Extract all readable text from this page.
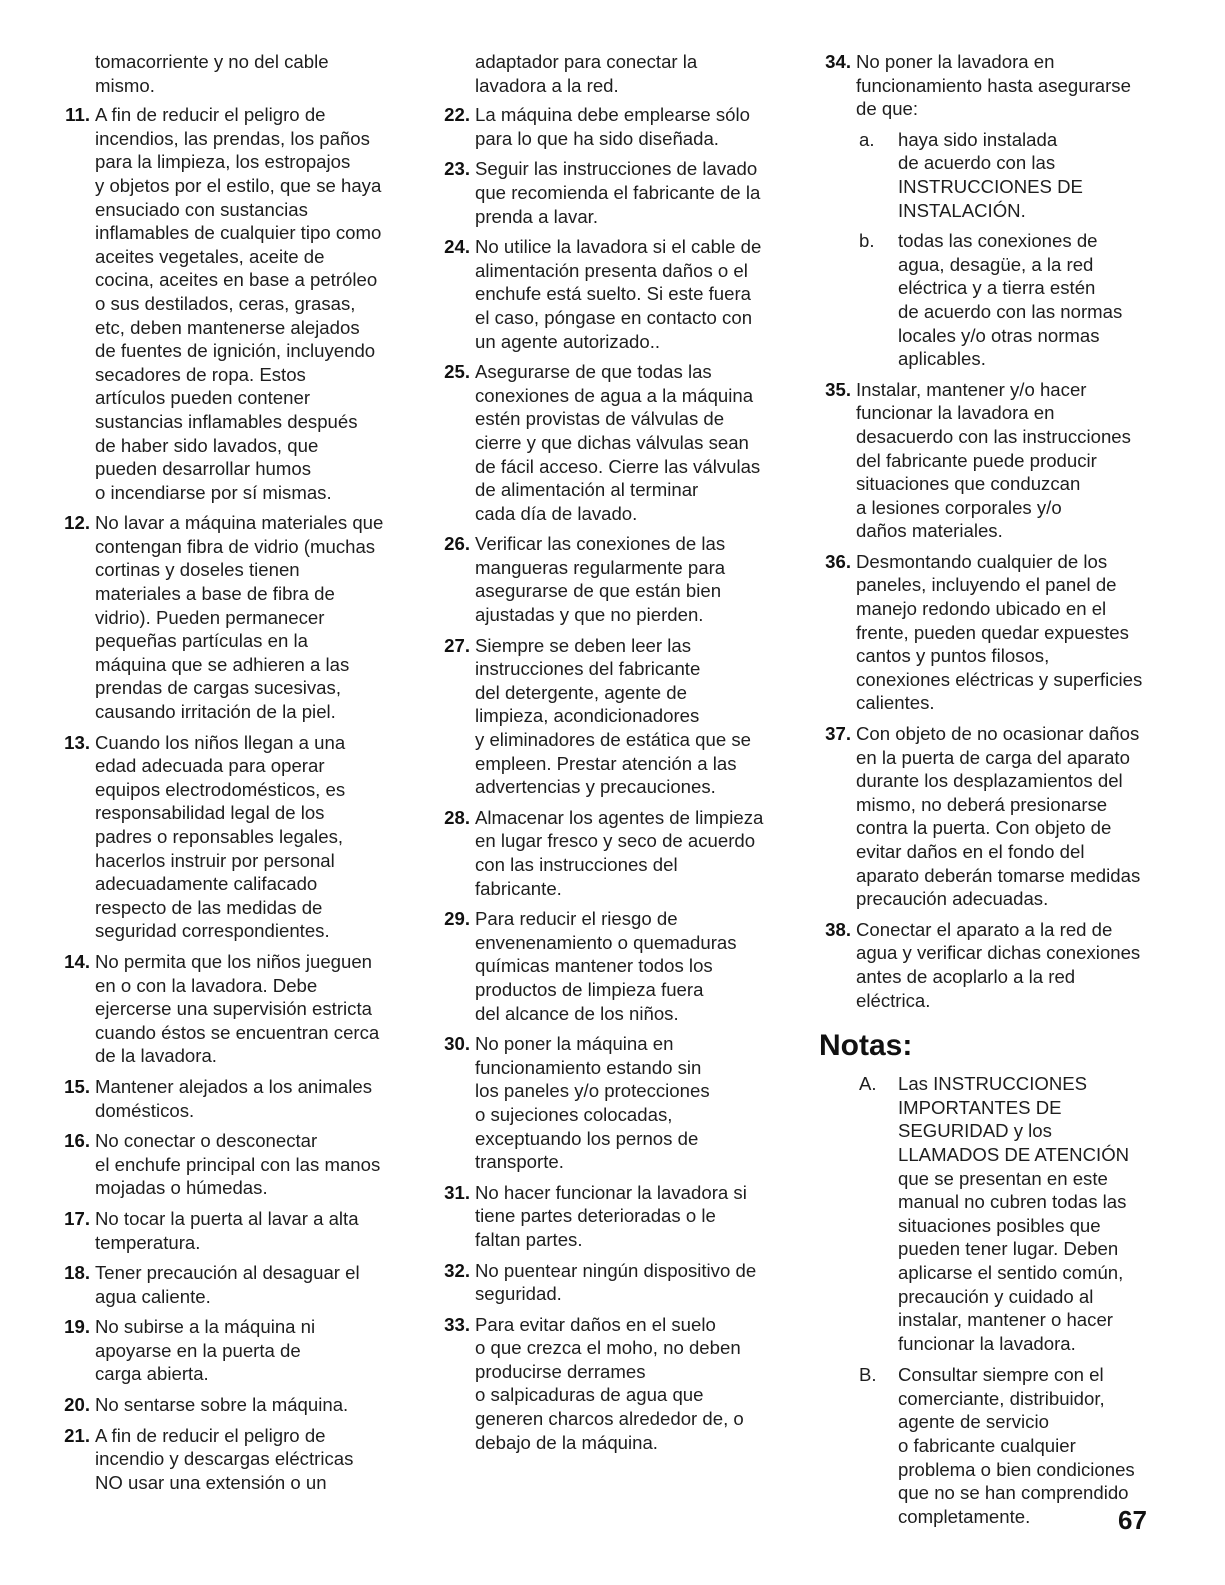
tomacorriente y no del cable
mismo.
11. A fin de reducir el peligro de
incendios, las prendas, los paños
para la limpieza, los estropajos
y objetos por el estilo, que se haya
ensuciado con sustancias
inflamables de cualquier tipo como
aceites vegetales, aceite de
cocina, aceites en base a petróleo
o sus destilados, ceras, grasas,
etc, deben mantenerse alejados
de fuentes de ignición, incluyendo
secadores de ropa. Estos
artículos pueden contener
sustancias inflamables después
de haber sido lavados, que
pueden desarrollar humos
o incendiarse por sí mismas.
12. No lavar a máquina materiales que
contengan fibra de vidrio (muchas
cortinas y doseles tienen
materiales a base de fibra de
vidrio). Pueden permanecer
pequeñas partículas en la
máquina que se adhieren a las
prendas de cargas sucesivas,
causando irritación de la piel.
13. Cuando los niños llegan a una
edad adecuada para operar
equipos electrodomésticos, es
responsabilidad legal de los
padres o reponsables legales,
hacerlos instruir por personal
adecuadamente califacado
respecto de las medidas de
seguridad correspondientes.
14. No permita que los niños jueguen
en o con la lavadora. Debe
ejercerse una supervisión estricta
cuando éstos se encuentran cerca
de la lavadora.
15. Mantener alejados a los animales
domésticos.
16. No conectar o desconectar
el enchufe principal con las manos
mojadas o húmedas.
17. No tocar la puerta al lavar a alta
temperatura.
18. Tener precaución al desaguar el
agua caliente.
19. No subirse a la máquina ni
apoyarse en la puerta de
carga abierta.
20. No sentarse sobre la máquina.
21. A fin de reducir el peligro de
incendio y descargas eléctricas
NO usar una extensión o un
adaptador para conectar la
lavadora a la red.
22. La máquina debe emplearse sólo
para lo que ha sido diseñada.
23. Seguir las instrucciones de lavado
que recomienda el fabricante de la
prenda a lavar.
24. No utilice la lavadora si el cable de
alimentación presenta daños o el
enchufe está suelto. Si este fuera
el caso, póngase en contacto con
un agente autorizado..
25. Asegurarse de que todas las
conexiones de agua a la máquina
estén provistas de válvulas de
cierre y que dichas válvulas sean
de fácil acceso. Cierre las válvulas
de alimentación al terminar
cada día de lavado.
26. Verificar las conexiones de las
mangueras regularmente para
asegurarse de que están bien
ajustadas y que no pierden.
27. Siempre se deben leer las
instrucciones del fabricante
del detergente, agente de
limpieza, acondicionadores
y eliminadores de estática que se
empleen. Prestar atención a las
advertencias y precauciones.
28. Almacenar los agentes de limpieza
en lugar fresco y seco de acuerdo
con las instrucciones del
fabricante.
29. Para reducir el riesgo de
envenenamiento o quemaduras
químicas mantener todos los
productos de limpieza fuera
del alcance de los niños.
30. No poner la máquina en
funcionamiento estando sin
los paneles y/o protecciones
o sujeciones colocadas,
exceptuando los pernos de
transporte.
31. No hacer funcionar la lavadora si
tiene partes deterioradas o le
faltan partes.
32. No puentear ningún dispositivo de
seguridad.
33. Para evitar daños en el suelo
o que crezca el moho, no deben
producirse derrames
o salpicaduras de agua que
generen charcos alrededor de, o
debajo de la máquina.
34. No poner la lavadora en
funcionamiento hasta asegurarse
de que:
a. haya sido instalada
de acuerdo con las
INSTRUCCIONES DE
INSTALACIÓN.
b. todas las conexiones de
agua, desagüe, a la red
eléctrica y a tierra estén
de acuerdo con las normas
locales y/o otras normas
aplicables.
35. Instalar, mantener y/o hacer
funcionar la lavadora en
desacuerdo con las instrucciones
del fabricante puede producir
situaciones que conduzcan
a lesiones corporales y/o
daños materiales.
36. Desmontando cualquier de los
paneles, incluyendo el panel de
manejo redondo ubicado en el
frente, pueden quedar expuestes
cantos y puntos filosos,
conexiones eléctricas y superficies
calientes.
37. Con objeto de no ocasionar daños
en la puerta de carga del aparato
durante los desplazamientos del
mismo, no deberá presionarse
contra la puerta. Con objeto de
evitar daños en el fondo del
aparato deberán tomarse medidas
precaución adecuadas.
38. Conectar el aparato a la red de
agua y verificar dichas conexiones
antes de acoplarlo a la red
eléctrica.
Notas:
A. Las INSTRUCCIONES
IMPORTANTES DE
SEGURIDAD y los
LLAMADOS DE ATENCIÓN
que se presentan en este
manual no cubren todas las
situaciones posibles que
pueden tener lugar. Deben
aplicarse el sentido común,
precaución y cuidado al
instalar, mantener o hacer
funcionar la lavadora.
B. Consultar siempre con el
comerciante, distribuidor,
agente de servicio
o fabricante cualquier
problema o bien condiciones
que no se han comprendido
completamente.	67
